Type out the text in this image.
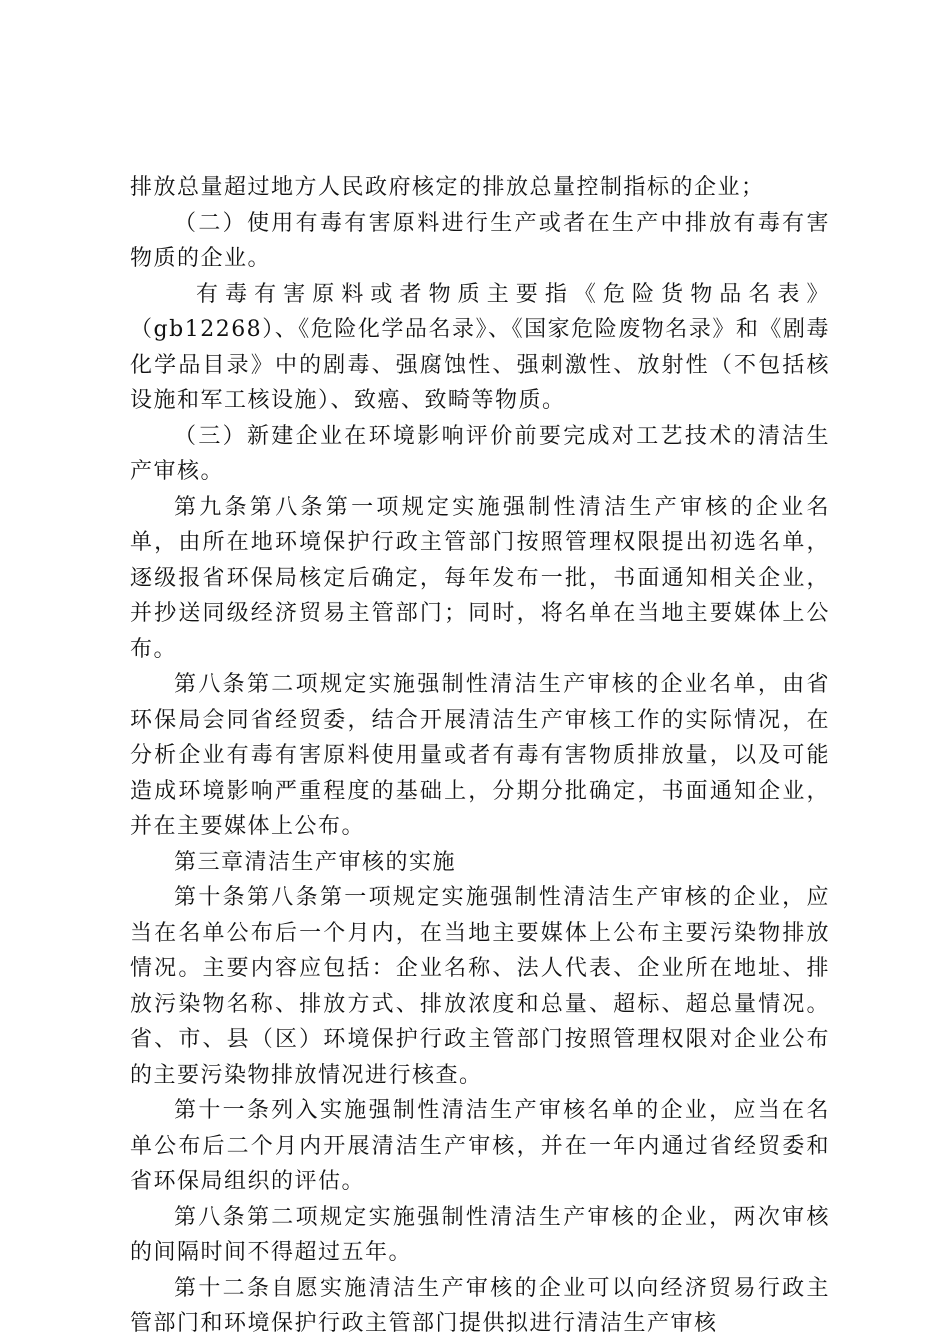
排放总量超过地方人民政府核定的排放总量控制指标的企业；

（二）使用有毒有害原料进行生产或者在生产中排放有毒有害物质的企业。

有毒有害原料或者物质主要指《危险货物品名表》（gb12268）、《危险化学品名录》、《国家危险废物名录》和《剧毒化学品目录》中的剧毒、强腐蚀性、强刺激性、放射性（不包括核设施和军工核设施）、致癌、致畸等物质。

（三）新建企业在环境影响评价前要完成对工艺技术的清洁生产审核。

第九条第八条第一项规定实施强制性清洁生产审核的企业名单，由所在地环境保护行政主管部门按照管理权限提出初选名单，逐级报省环保局核定后确定，每年发布一批，书面通知相关企业，并抄送同级经济贸易主管部门；同时，将名单在当地主要媒体上公布。

第八条第二项规定实施强制性清洁生产审核的企业名单，由省环保局会同省经贸委，结合开展清洁生产审核工作的实际情况，在分析企业有毒有害原料使用量或者有毒有害物质排放量，以及可能造成环境影响严重程度的基础上，分期分批确定，书面通知企业，并在主要媒体上公布。

第三章清洁生产审核的实施

第十条第八条第一项规定实施强制性清洁生产审核的企业，应当在名单公布后一个月内，在当地主要媒体上公布主要污染物排放情况。主要内容应包括：企业名称、法人代表、企业所在地址、排放污染物名称、排放方式、排放浓度和总量、超标、超总量情况。省、市、县（区）环境保护行政主管部门按照管理权限对企业公布的主要污染物排放情况进行核查。

第十一条列入实施强制性清洁生产审核名单的企业，应当在名单公布后二个月内开展清洁生产审核，并在一年内通过省经贸委和省环保局组织的评估。

第八条第二项规定实施强制性清洁生产审核的企业，两次审核的间隔时间不得超过五年。

第十二条自愿实施清洁生产审核的企业可以向经济贸易行政主管部门和环境保护行政主管部门提供拟进行清洁生产审核
